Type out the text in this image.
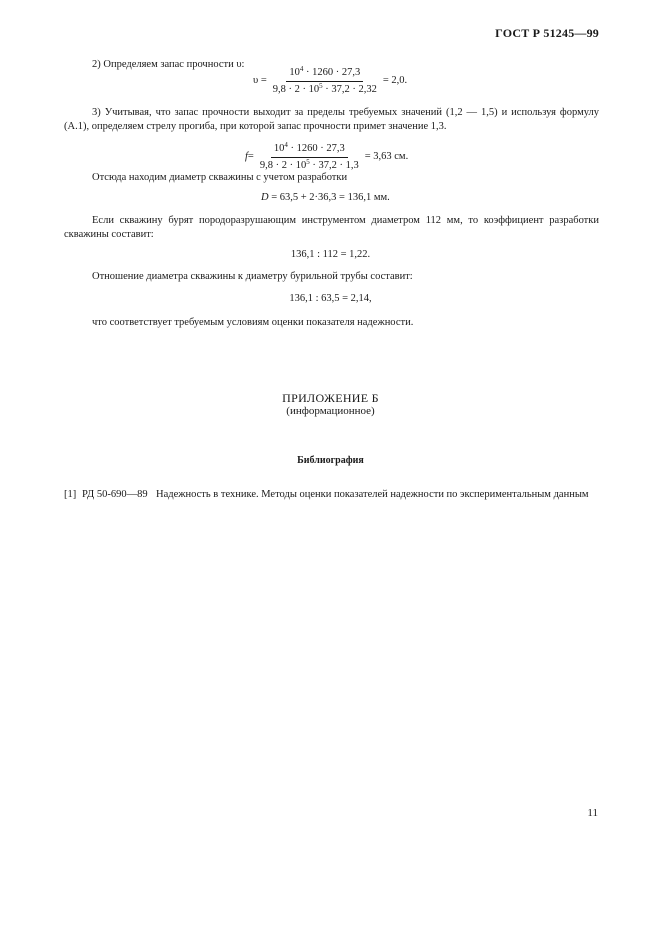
ГОСТ Р 51245—99
2) Определяем запас прочности υ:
$\upsilon = \frac{10^4 \cdot 1260 \cdot 27,3}{9,8 \cdot 2 \cdot 10^5 \cdot 37,2 \cdot 2,32} = 2,0$.
3) Учитывая, что запас прочности выходит за пределы требуемых значений (1,2 — 1,5) и используя формулу (А.1), определяем стрелу прогиба, при которой запас прочности примет значение 1,3.
$f = \frac{10^4 \cdot 1260 \cdot 27,3}{9,8 \cdot 2 \cdot 10^5 \cdot 37,2 \cdot 1,3} = 3,63$ см.
Отсюда находим диаметр скважины с учетом разработки
D = 63,5 + 2·36,3 = 136,1 мм.
Если скважину бурят породоразрушающим инструментом диаметром 112 мм, то коэффициент разработки скважины составит:
136,1 : 112 = 1,22.
Отношение диаметра скважины к диаметру бурильной трубы составит:
136,1 : 63,5 = 2,14,
что соответствует требуемым условиям оценки показателя надежности.
ПРИЛОЖЕНИЕ Б
(информационное)
Библиография
[1] РД 50-690—89 Надежность в технике. Методы оценки показателей надежности по экспериментальным данным
11
